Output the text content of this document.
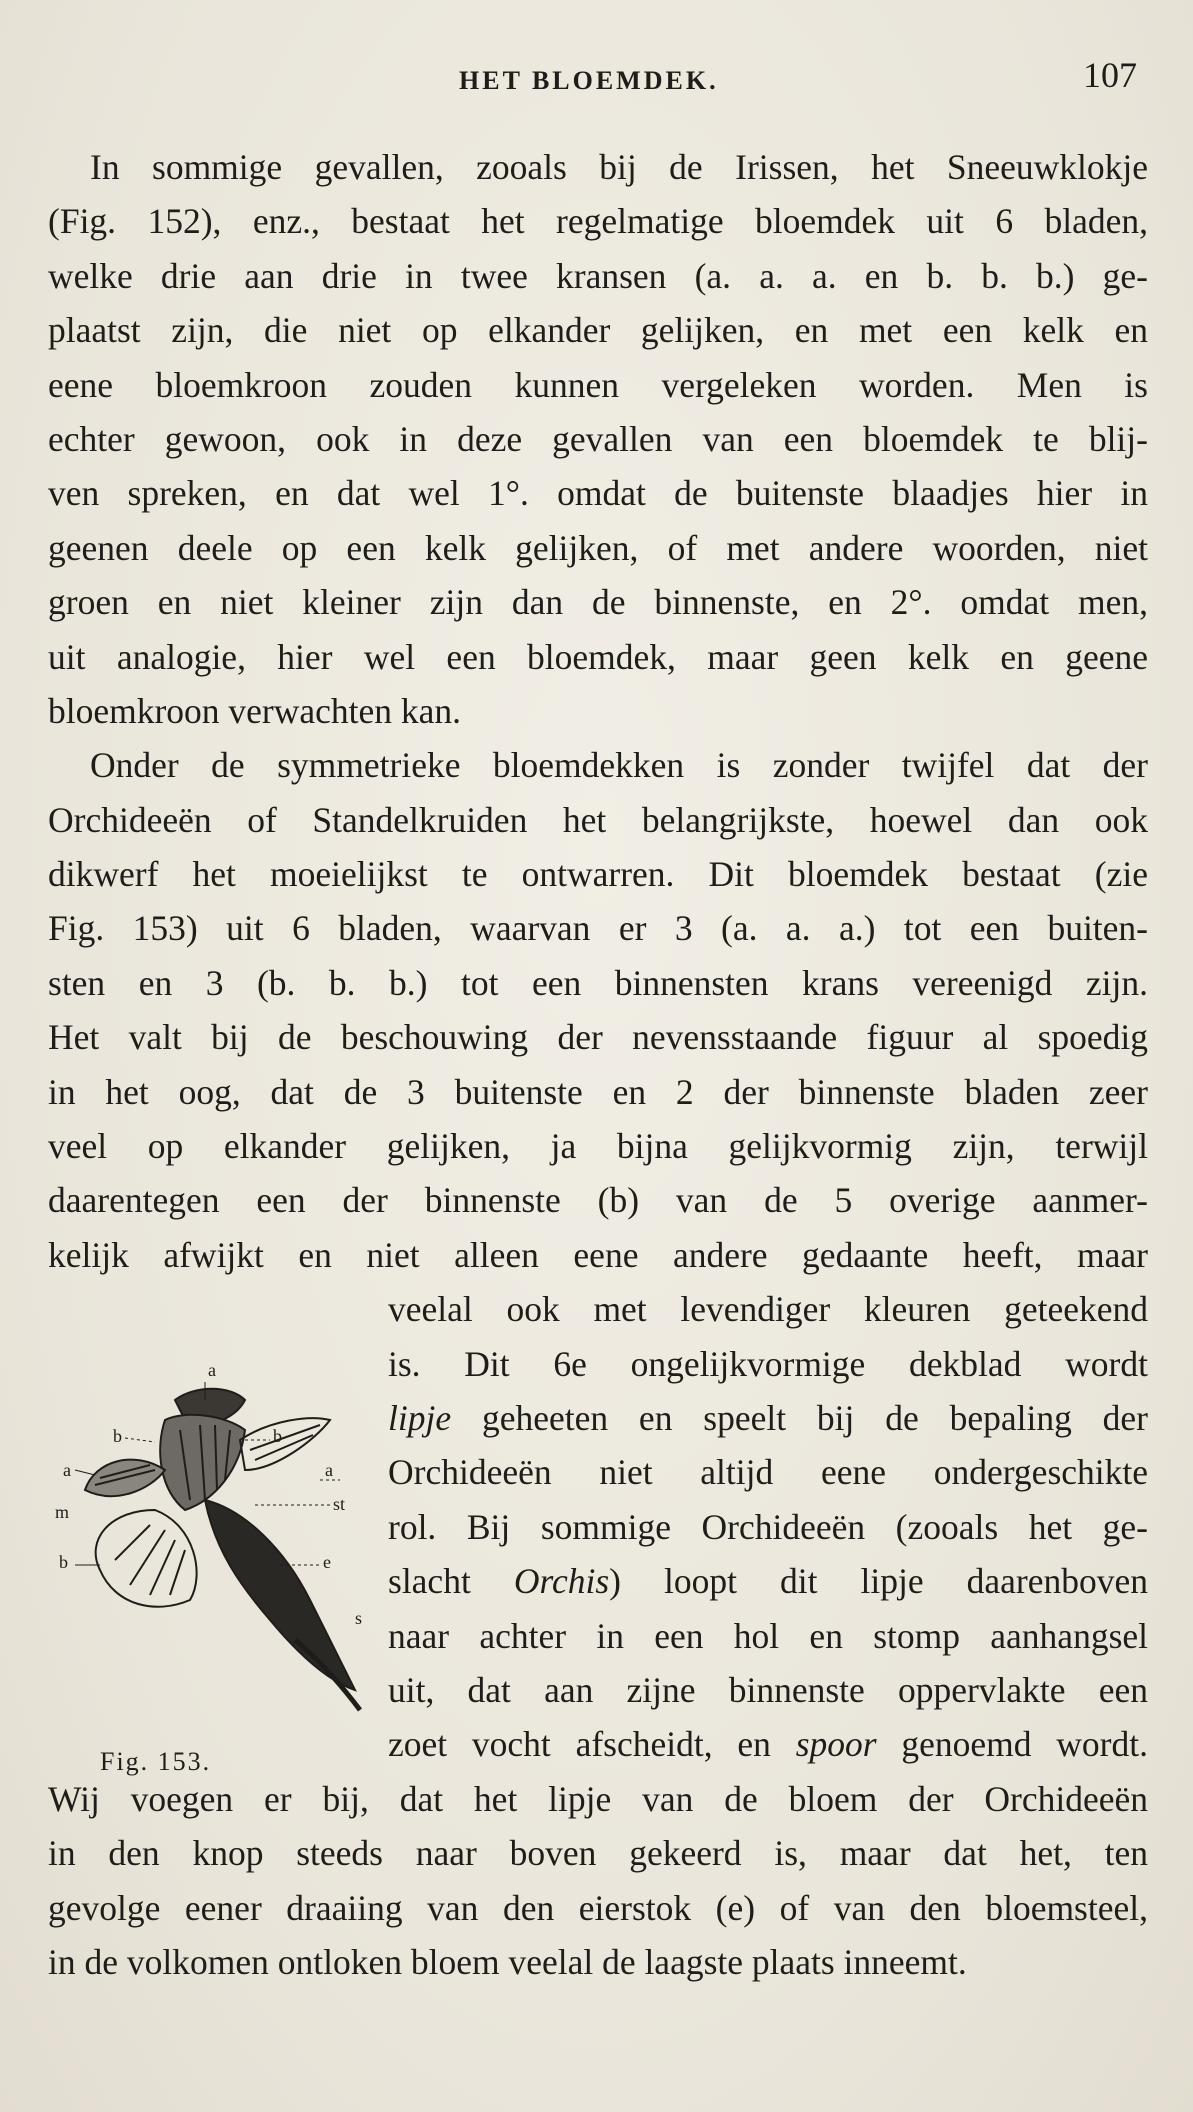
HET BLOEMDEK.	107
In sommige gevallen, zooals bij de Irissen, het Sneeuwklokje
(Fig. 152), enz., bestaat het regelmatige bloemdek uit 6 bladen,
welke drie aan drie in twee kransen (a. a. a. en b. b. b.) ge-
plaatst zijn, die niet op elkander gelijken, en met een kelk en
eene bloemkroon zouden kunnen vergeleken worden. Men is
echter gewoon, ook in deze gevallen van een bloemdek te blij-
ven spreken, en dat wel 1°. omdat de buitenste blaadjes hier in
geenen deele op een kelk gelijken, of met andere woorden, niet
groen en niet kleiner zijn dan de binnenste, en 2°. omdat men,
uit analogie, hier wel een bloemdek, maar geen kelk en geene
bloemkroon verwachten kan.
Onder de symmetrieke bloemdekken is zonder twijfel dat der
Orchideeën of Standelkruiden het belangrijkste, hoewel dan ook
dikwerf het moeielijkst te ontwarren. Dit bloemdek bestaat (zie
Fig. 153) uit 6 bladen, waarvan er 3 (a. a. a.) tot een buiten-
sten en 3 (b. b. b.) tot een binnensten krans vereenigd zijn.
Het valt bij de beschouwing der nevensstaande figuur al spoedig
in het oog, dat de 3 buitenste en 2 der binnenste bladen zeer
veel op elkander gelijken, ja bijna gelijkvormig zijn, terwijl
daarentegen een der binnenste (b) van de 5 overige aanmer-
kelijk afwijkt en niet alleen eene andere gedaante heeft, maar
veelal ook met levendiger kleuren geteekend
is. Dit 6e ongelijkvormige dekblad wordt
lipje geheeten en speelt bij de bepaling der
Orchideeën niet altijd eene ondergeschikte
rol. Bij sommige Orchideeën (zooals het ge-
slacht Orchis) loopt dit lipje daarenboven
naar achter in een hol en stomp aanhangsel
uit, dat aan zijne binnenste oppervlakte een
zoet vocht afscheidt, en spoor genoemd wordt.
Wij voegen er bij, dat het lipje van de bloem der Orchideeën
in den knop steeds naar boven gekeerd is, maar dat het, ten
gevolge eener draaiing van den eierstok (e) of van den bloemsteel,
in de volkomen ontloken bloem veelal de laagste plaats inneemt.
a
b	b
a	a
m	st
b	e
s
Fig. 153.
